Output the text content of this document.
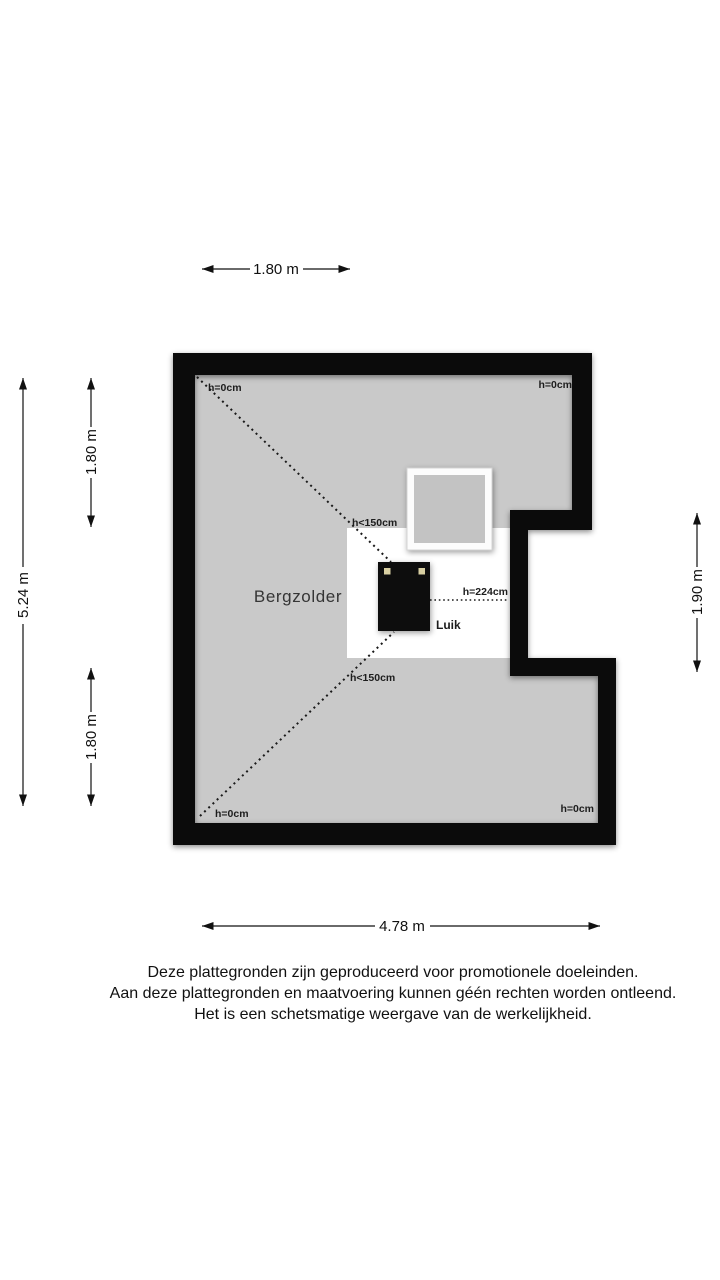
Bergzolder
Luik
h=0cm	h=0cm
h=0cm	h=0cm
h<150cm
h<150cm
h=224cm
1.80 m
5.24 m
1.80 m
1.80 m
1.90 m
4.78 m
Deze plattegronden zijn geproduceerd voor promotionele doeleinden.
Aan deze plattegronden en maatvoering kunnen géén rechten worden ontleend.
Het is een schetsmatige weergave van de werkelijkheid.
